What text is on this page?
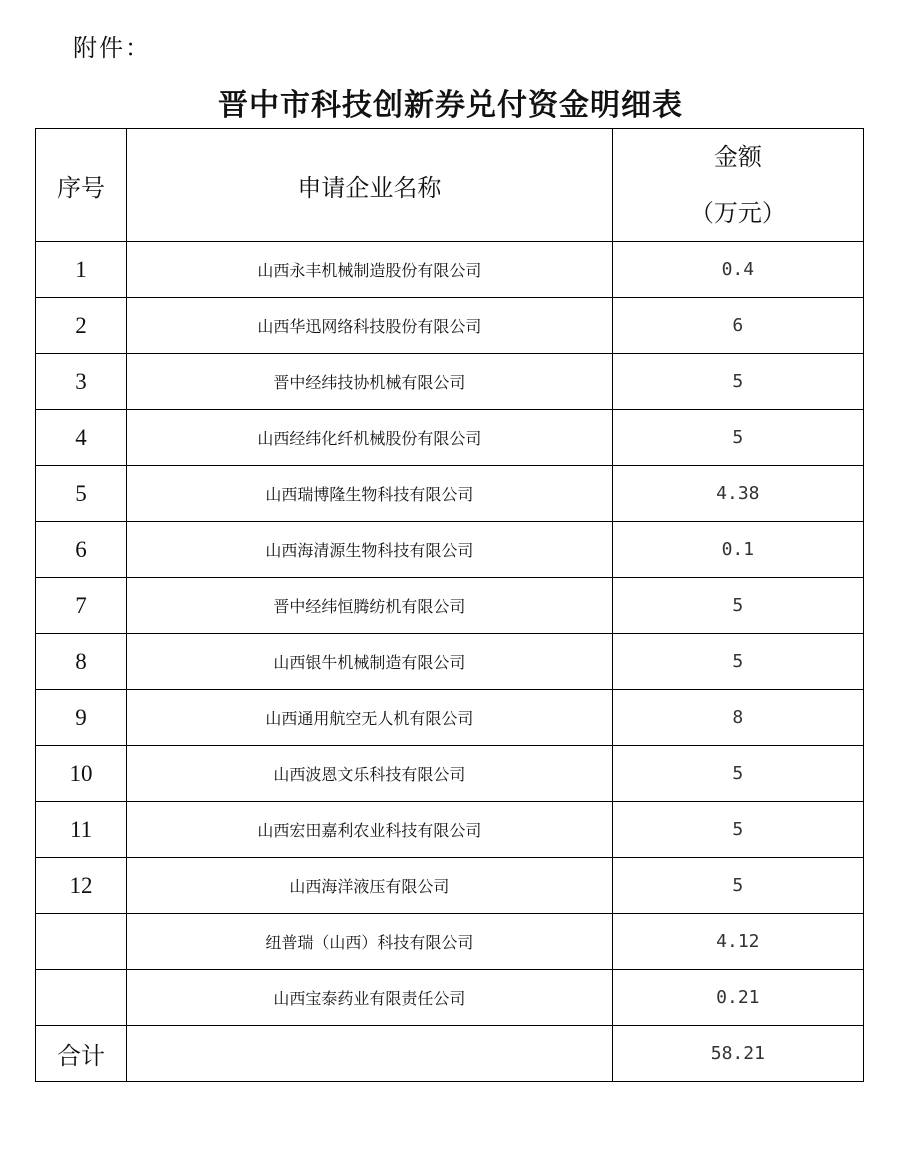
附件：
晋中市科技创新券兑付资金明细表
序号	申请企业名称	金额
（万元）

1	山西永丰机械制造股份有限公司	0.4
2	山西华迅网络科技股份有限公司	6
3	晋中经纬技协机械有限公司	5
4	山西经纬化纤机械股份有限公司	5
5	山西瑞博隆生物科技有限公司	4.38
6	山西海清源生物科技有限公司	0.1
7	晋中经纬恒腾纺机有限公司	5
8	山西银牛机械制造有限公司	5
9	山西通用航空无人机有限公司	8
10	山西波恩文乐科技有限公司	5
11	山西宏田嘉利农业科技有限公司	5
12	山西海洋液压有限公司	5
	纽普瑞（山西）科技有限公司	4.12
	山西宝泰药业有限责任公司	0.21
合计		58.21
